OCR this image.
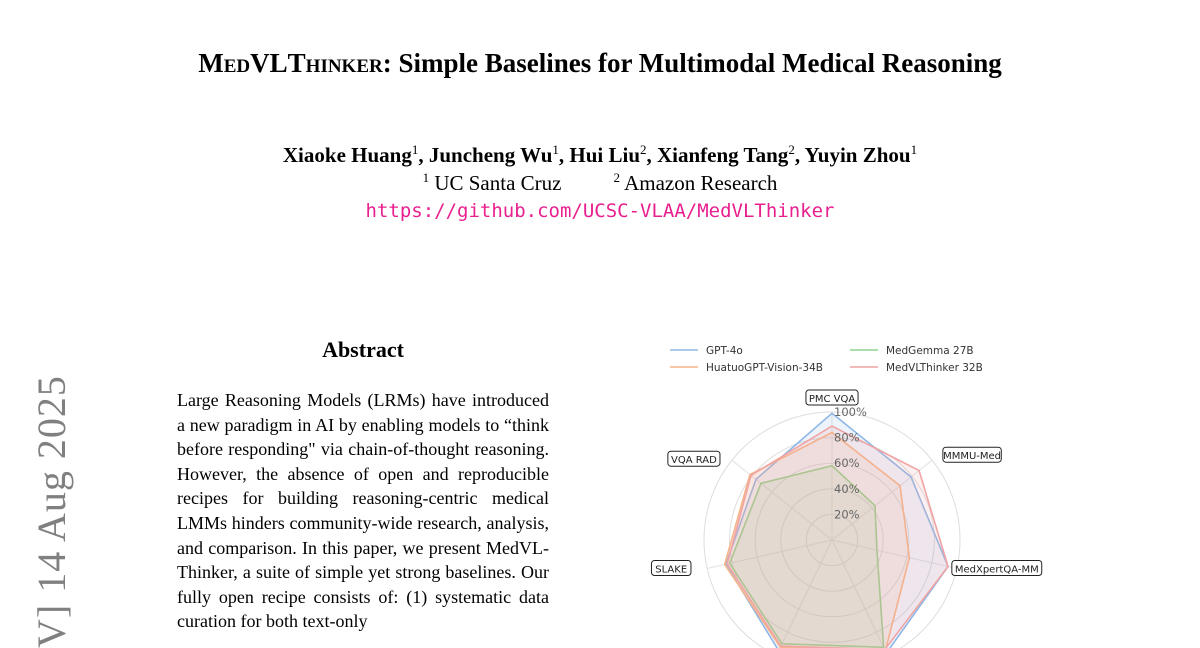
MedVLThinker: Simple Baselines for Multimodal Medical Reasoning
Xiaoke Huang$^1$, Juncheng Wu$^1$, Hui Liu$^2$, Xianfeng Tang$^2$, Yuyin Zhou$^1$
$^1$ UC Santa Cruz	$^2$ Amazon Research
https://github.com/UCSC-VLAA/MedVLThinker
V] 14 Aug 2025
Abstract
Large Reasoning Models (LRMs) have introduced a new paradigm in AI by enabling models to “think before responding" via chain-of-thought reasoning. However, the absence of open and reproducible recipes for building reasoning-centric medical LMMs hinders community-wide research, analysis, and comparison. In this paper, we present MedVL-Thinker, a suite of simple yet strong baselines. Our fully open recipe consists of: (1) systematic data curation for both text-only
20%
40%
60%
80%
100%
PMC VQA
MMMU-Med
MedXpertQA-MM
SLAKE
VQA RAD
GPT-4o	MedGemma 27B
HuatuoGPT-Vision-34B	MedVLThinker 32B
